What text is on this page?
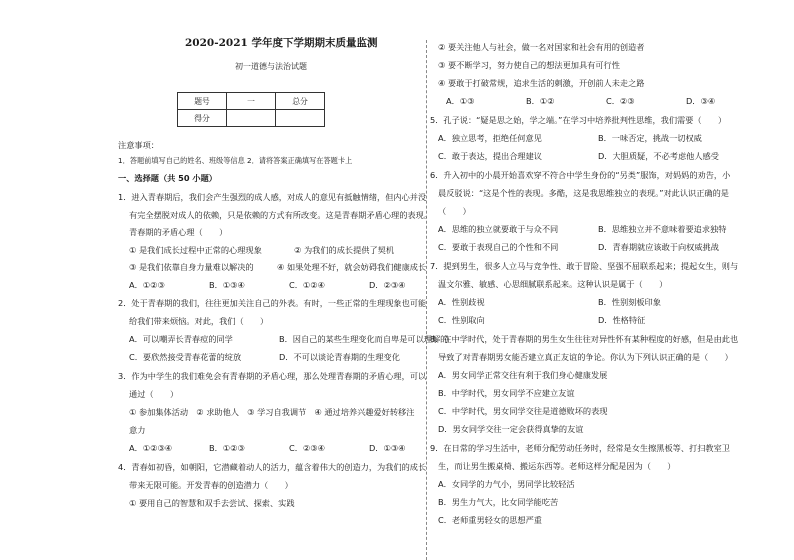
2020-2021 学年度下学期期末质量监测
初一道德与法治试题
题号	一	总分
得分		
注意事项：
1．答题前填写自己的姓名、班级等信息 2．请将答案正确填写在答题卡上
一、选择题（共 50 小题）
1．进入青春期后，我们会产生强烈的成人感，对成人的意见有抵触情绪，但内心并没
有完全摆脱对成人的依赖，只是依赖的方式有所改变。这是青春期矛盾心理的表现。
青春期的矛盾心理（　　）
① 是我们成长过程中正常的心理现象	② 为我们的成长提供了契机
③ 是我们依靠自身力量难以解决的	④ 如果处理不好，就会妨碍我们健康成长
A．①②③	B．①③④	C．①②④	D．②③④
2．处于青春期的我们，往往更加关注自己的外表。有时，一些正常的生理现象也可能
给我们带来烦恼。对此，我们（　　）
A．可以嘲弄长青春痘的同学	B．因自己的某些生理变化而自卑是可以理解的
C．要欣然接受青春花蕾的绽放	D．不可以谈论青春期的生理变化
3．作为中学生的我们难免会有青春期的矛盾心理，那么处理青春期的矛盾心理，可以
通过（　　）
① 参加集体活动　② 求助他人　③ 学习自我调节　④ 通过培养兴趣爱好转移注
意力
A．①②③④	B．①②③	C．②③④	D．①③④
4．青春如初昏，如朝阳，它潜藏着动人的活力，蕴含着伟大的创造力，为我们的成长
带来无限可能。开发青春的创造潜力（　　）
① 要用自己的智慧和双手去尝试、探索、实践
② 要关注他人与社会，做一名对国家和社会有用的创造者
③ 要不断学习，努力使自己的想法更加具有可行性
④ 要敢于打破常规，追求生活的刺激，开创前人未走之路
A．①③	B．①②	C．②③	D．③④
5．孔子说：“疑是思之始，学之端。”在学习中培养批判性思维，我们需要（　　）
A．独立思考，拒绝任何意见	B．一味否定，挑战一切权威
C．敢于表达，提出合理建议	D．大胆质疑，不必考虑他人感受
6．升入初中的小晨开始喜欢穿不符合中学生身份的“另类”服饰，对妈妈的劝告，小
晨反驳说：“这是个性的表现。多酷，这是我思维独立的表现。”对此认识正确的是
（　　）
A．思维的独立就要敢于与众不同	B．思维独立并不意味着要追求独特
C．要敢于表现自己的个性和不同	D．青春期就应该敢于向权威挑战
7．提到男生，很多人立马与竞争性、敢于冒险、坚强不屈联系起来；提起女生，则与
温文尔雅、敏感、心思细腻联系起来。这种认识是属于（　　）
A．性别歧视	B．性别刻板印象
C．性别取向	D．性格特征
8．在中学时代，处于青春期的男生女生往往对异性怀有某种程度的好感，但是由此也
导致了对青春期男女能否建立真正友谊的争论。你认为下列认识正确的是（　　）
A．男女同学正常交往有利于我们身心健康发展
B．中学时代，男女同学不应建立友谊
C．中学时代，男女同学交往是道德败坏的表现
D．男女同学交往一定会获得真挚的友谊
9．在日常的学习生活中，老师分配劳动任务时，经常是女生擦黑板等、打扫教室卫
生，而让男生搬桌椅、搬运东西等。老师这样分配是因为（　　）
A．女同学的力气小，男同学比较轻活
B．男生力气大，比女同学能吃苦
C．老师重男轻女的思想严重
